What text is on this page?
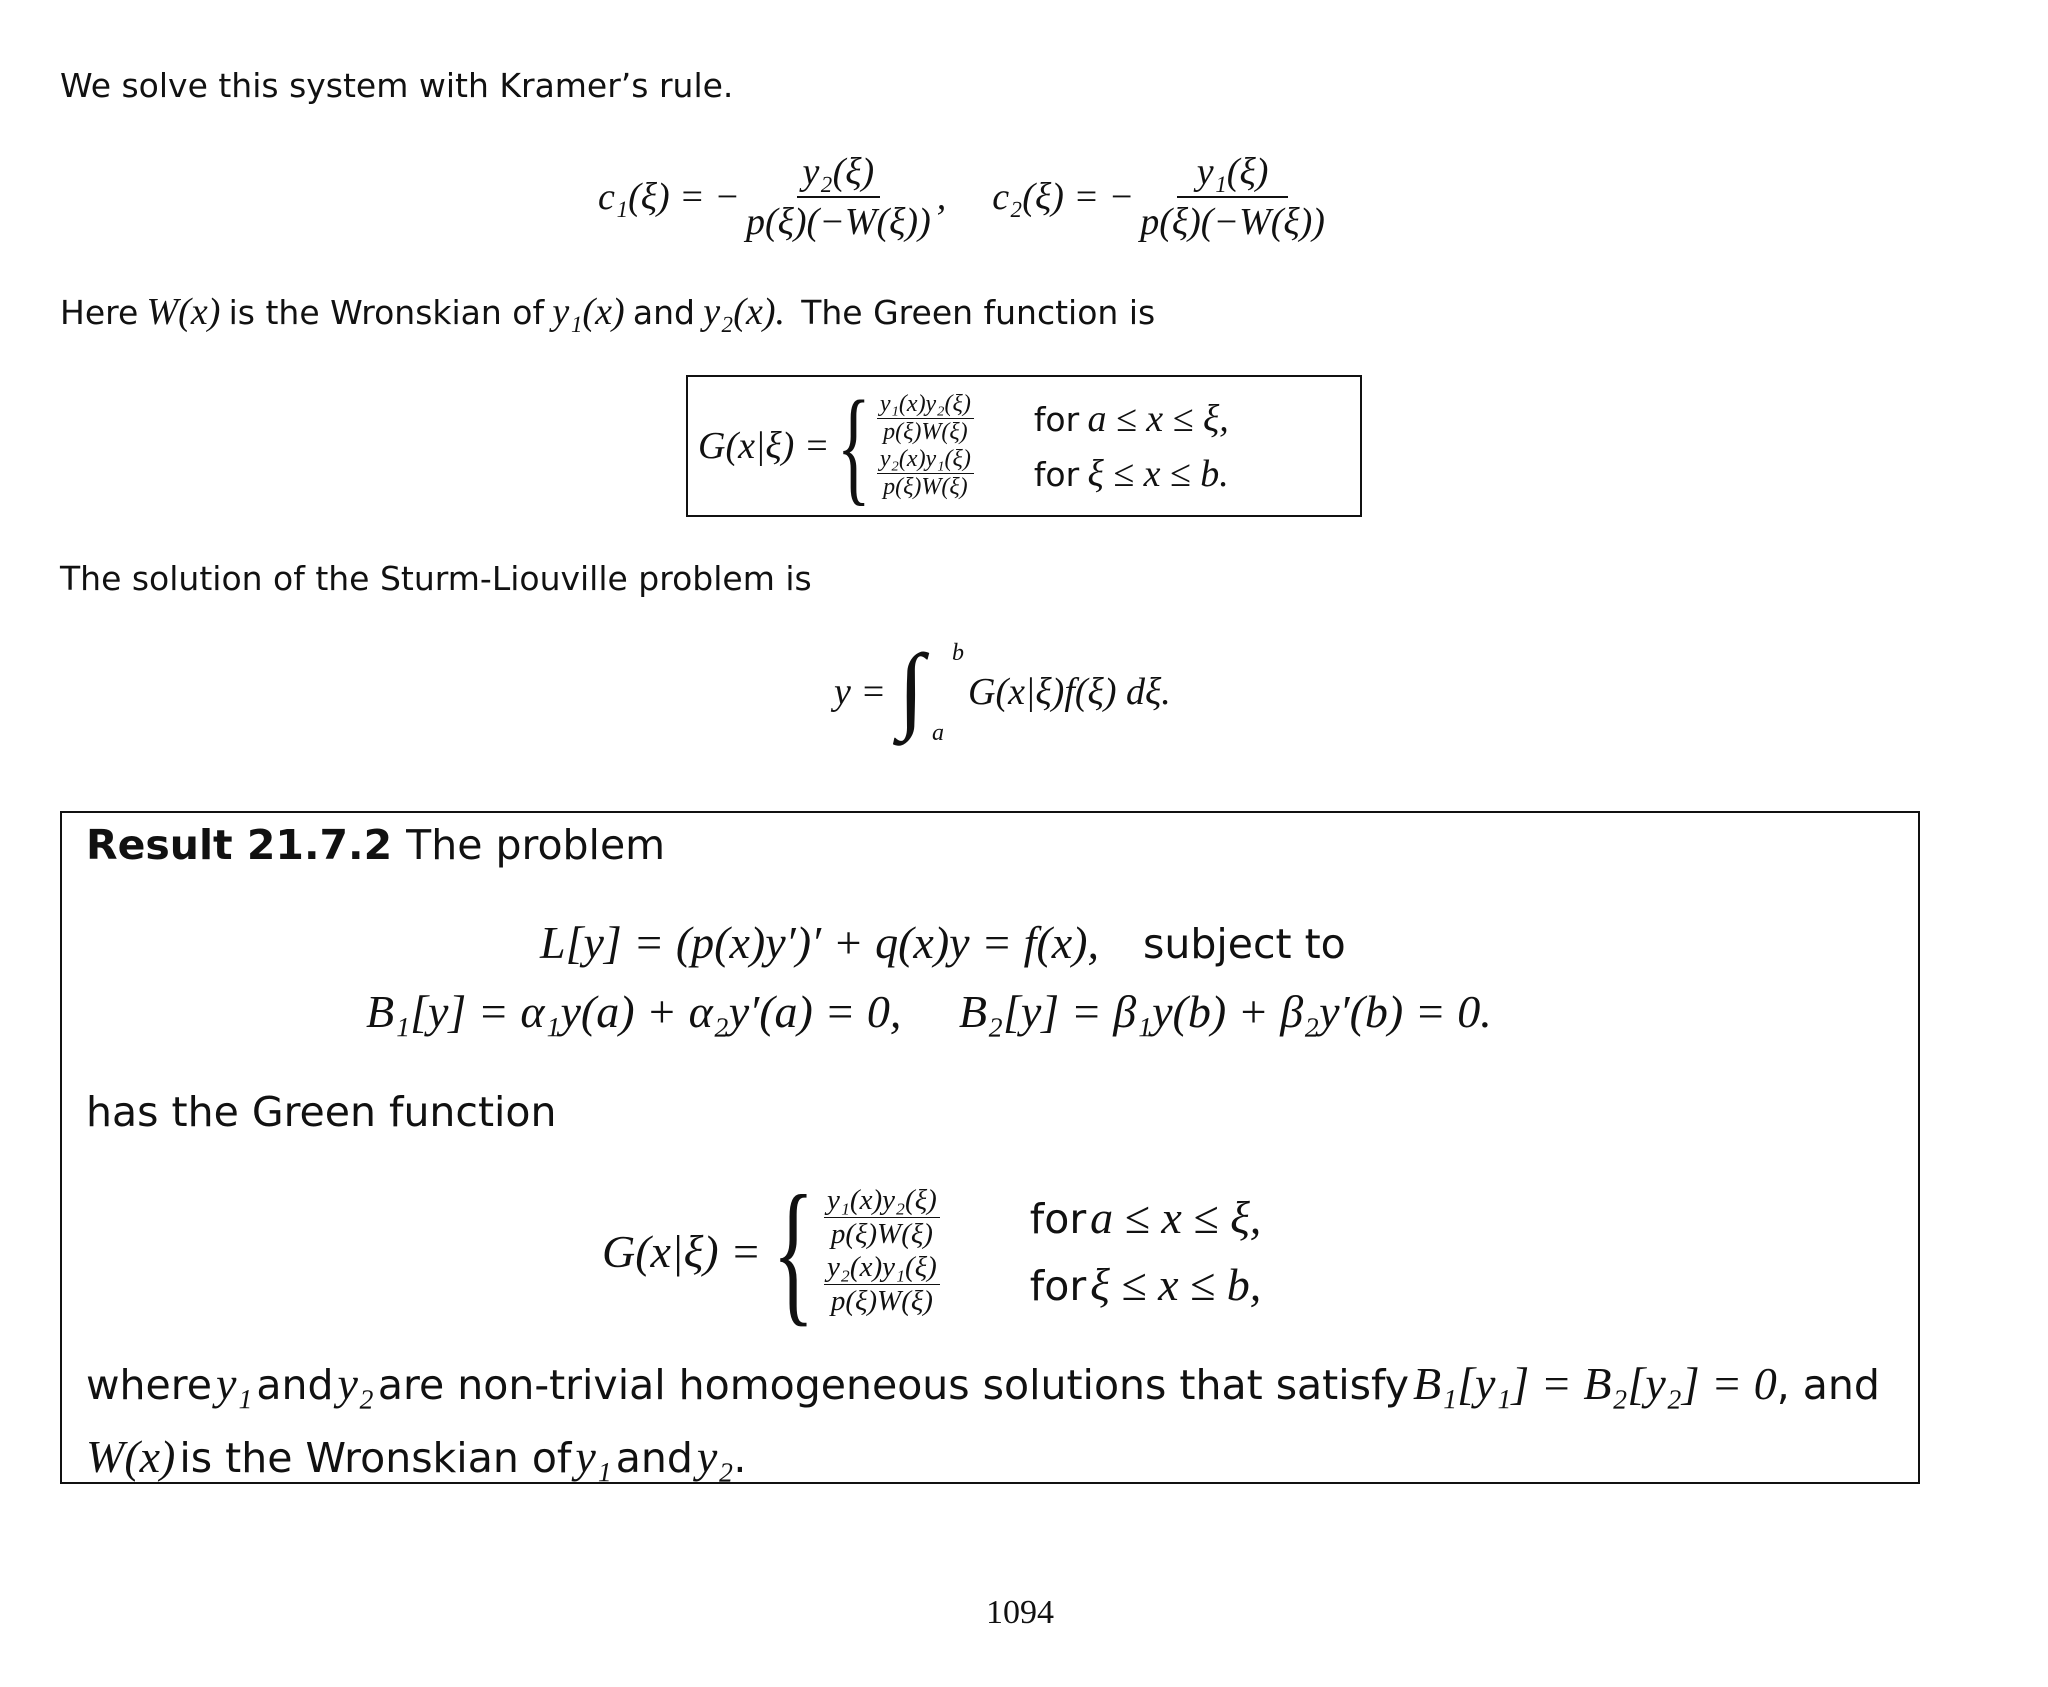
We solve this system with Kramer’s rule.
c₁(ξ) = − $\frac{\text{y₂(ξ)}}{p(\xi)(-W(\xi))}$ , c₂(ξ) = − $\frac{\text{y₁(ξ)}}{p(\xi)(-W(\xi))}$
Here W(x) is the Wronskian of y₁(x) and y₂(x). The Green function is
G(x|ξ) = { $\frac{\text{y₁(x)y₂(ξ)}}{p(\xi)W(\xi)}$ for a ≤ x ≤ ξ,
$\frac{\text{y₂(x)y₁(ξ)}}{p(\xi)W(\xi)}$ for ξ ≤ x ≤ b.
The solution of the Sturm-Liouville problem is
y = ∫ b
a
G(x|ξ)f(ξ) dξ.
Result 21.7.2 The problem
L[y] = (p(x)y′)′ + q(x)y = f(x), subject to
B₁[y] = α₁y(a) + α₂y′(a) = 0,     B₂[y] = β₁y(b) + β₂y′(b) = 0.
has the Green function
G(x|ξ) = { $\frac{\text{y₁(x)y₂(ξ)}}{p(\xi)W(\xi)}$ for a ≤ x ≤ ξ,
$\frac{\text{y₂(x)y₁(ξ)}}{p(\xi)W(\xi)}$ for ξ ≤ x ≤ b,
where y₁ and y₂ are non-trivial homogeneous solutions that satisfy B₁[y₁] = B₂[y₂] = 0, and
W(x) is the Wronskian of y₁ and y₂.
1094
